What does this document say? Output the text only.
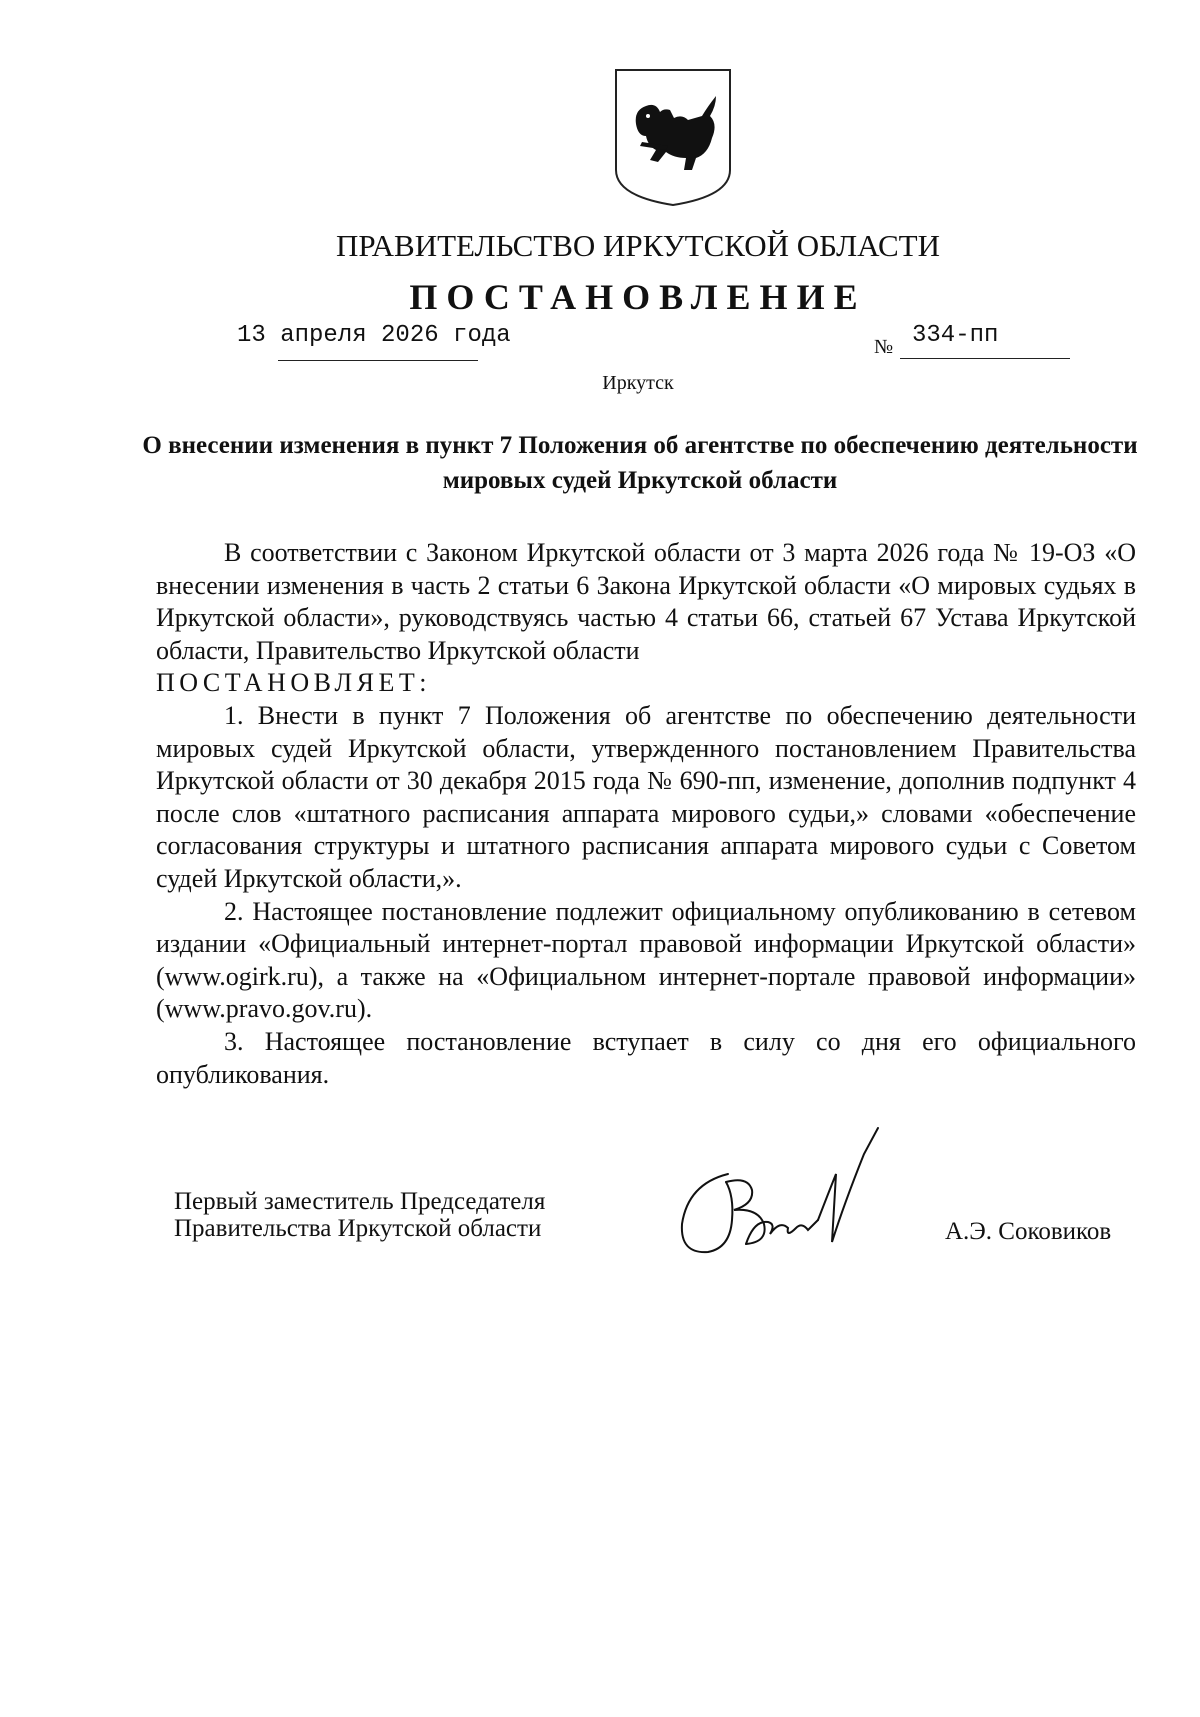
ПРАВИТЕЛЬСТВО ИРКУТСКОЙ ОБЛАСТИ
ПОСТАНОВЛЕНИЕ
13 апреля 2026 года	№ 334-пп
Иркутск
О внесении изменения в пункт 7 Положения об агентстве по обеспечению деятельности мировых судей Иркутской области

В соответствии с Законом Иркутской области от 3 марта 2026 года № 19-ОЗ «О внесении изменения в часть 2 статьи 6 Закона Иркутской области «О мировых судьях в Иркутской области», руководствуясь частью 4 статьи 66, статьей 67 Устава Иркутской области, Правительство Иркутской области

ПОСТАНОВЛЯЕТ:

1. Внести в пункт 7 Положения об агентстве по обеспечению деятельности мировых судей Иркутской области, утвержденного постановлением Правительства Иркутской области от 30 декабря 2015 года № 690-пп, изменение, дополнив подпункт 4 после слов «штатного расписания аппарата мирового судьи,» словами «обеспечение согласования структуры и штатного расписания аппарата мирового судьи с Советом судей Иркутской области,».

2. Настоящее постановление подлежит официальному опубликованию в сетевом издании «Официальный интернет-портал правовой информации Иркутской области» (www.ogirk.ru), а также на «Официальном интернет-портале правовой информации» (www.pravo.gov.ru).

3. Настоящее постановление вступает в силу со дня его официального опубликования.

Первый заместитель Председателя
Правительства Иркутской области	А.Э. Соковиков
